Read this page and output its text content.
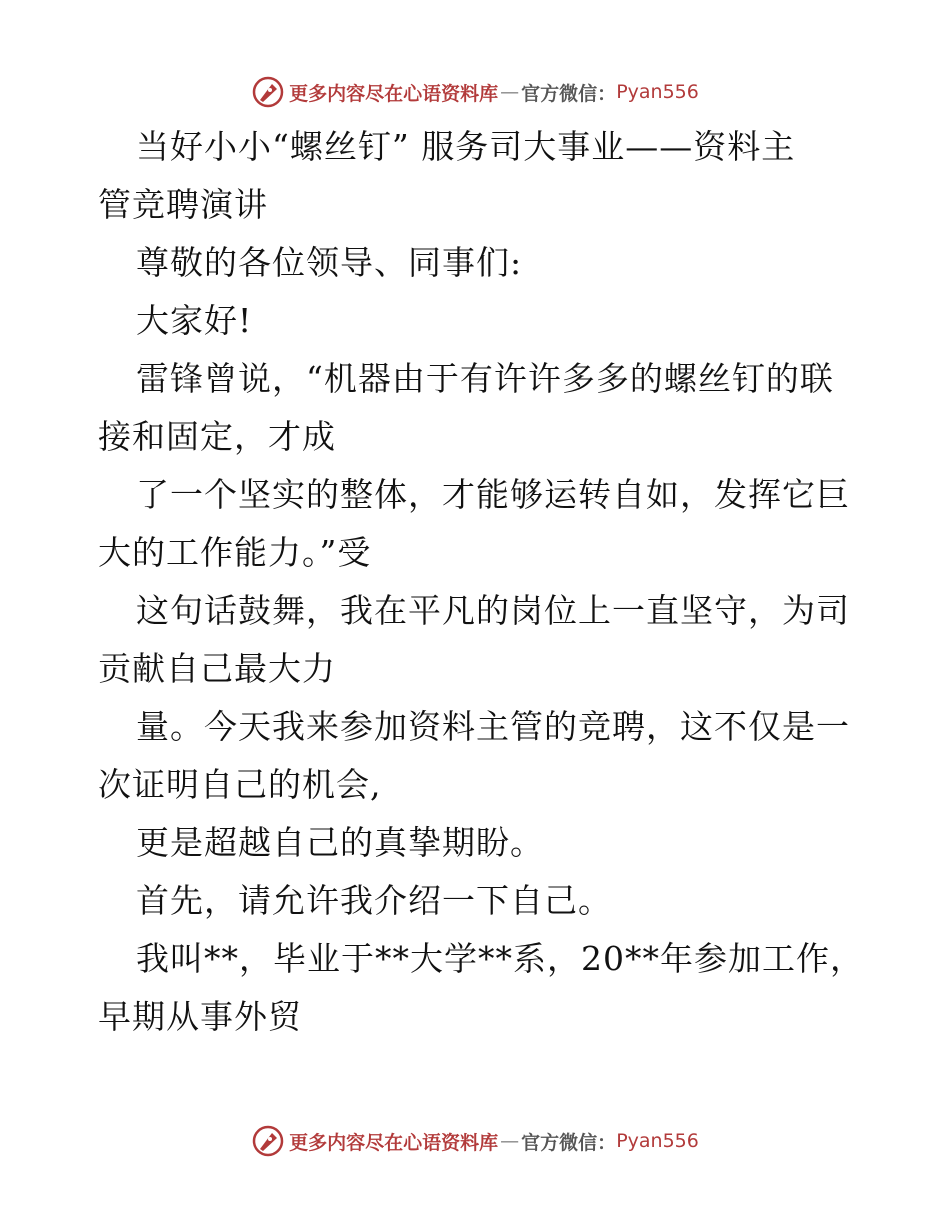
更多内容尽在心语资料库 — 官方微信： Pyan556
当好小小“螺丝钉” 服务司大事业——资料主
管竞聘演讲
尊敬的各位领导、同事们:
大家好!
雷锋曾说，“机器由于有许许多多的螺丝钉的联
接和固定，才成
了一个坚实的整体，才能够运转自如，发挥它巨
大的工作能力。”受
这句话鼓舞，我在平凡的岗位上一直坚守，为司
贡献自己最大力
量。今天我来参加资料主管的竞聘，这不仅是一
次证明自己的机会,
更是超越自己的真挚期盼。
首先，请允许我介绍一下自己。
我叫**，毕业于**大学**系，20**年参加工作，
早期从事外贸
更多内容尽在心语资料库 — 官方微信： Pyan556
